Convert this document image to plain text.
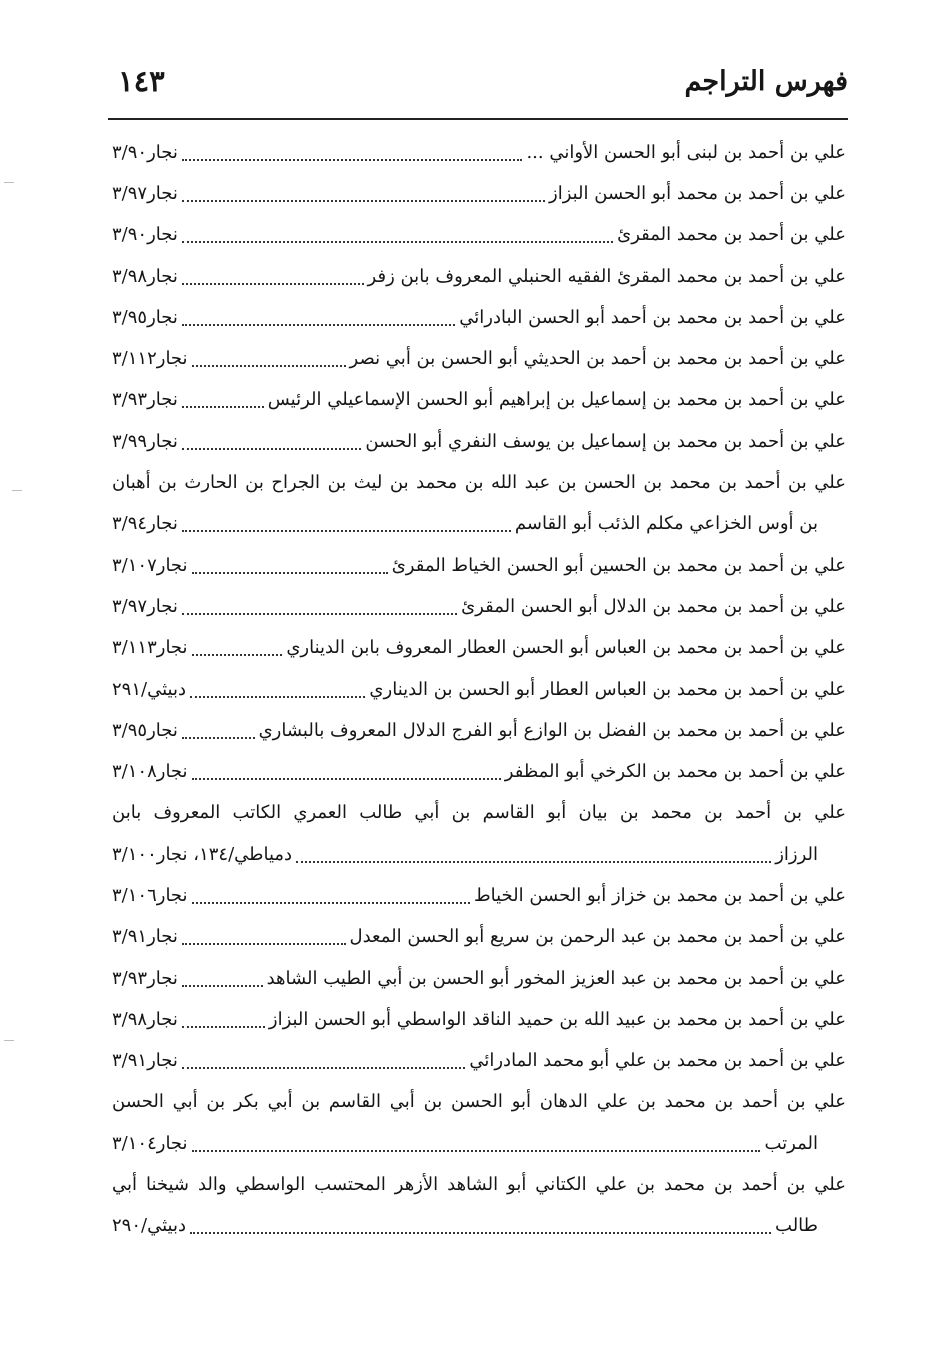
فهرس التراجم
١٤٣
علي بن أحمد بن لبنى أبو الحسن الأواني ...
نجار٣/٩٠
علي بن أحمد بن محمد أبو الحسن البزاز
نجار٣/٩٧
علي بن أحمد بن محمد المقرئ
نجار٣/٩٠
علي بن أحمد بن محمد المقرئ الفقيه الحنبلي المعروف بابن زفر
نجار٣/٩٨
علي بن أحمد بن محمد بن أحمد أبو الحسن البادرائي
نجار٣/٩٥
علي بن أحمد بن محمد بن أحمد بن الحديثي أبو الحسن بن أبي نصر
نجار٣/١١٢
علي بن أحمد بن محمد بن إسماعيل بن إبراهيم أبو الحسن الإسماعيلي الرئيس
نجار٣/٩٣
علي بن أحمد بن محمد بن إسماعيل بن يوسف النفري أبو الحسن
نجار٣/٩٩
علي بن أحمد بن محمد بن الحسن بن عبد الله بن محمد بن ليث بن الجراح بن الحارث بن أهبان
بن أوس الخزاعي مكلم الذئب أبو القاسم
نجار٣/٩٤
علي بن أحمد بن محمد بن الحسين أبو الحسن الخياط المقرئ
نجار٣/١٠٧
علي بن أحمد بن محمد بن الدلال أبو الحسن المقرئ
نجار٣/٩٧
علي بن أحمد بن محمد بن العباس أبو الحسن العطار المعروف بابن الديناري
نجار٣/١١٣
علي بن أحمد بن محمد بن العباس العطار أبو الحسن بن الديناري
دبيثي/٢٩١
علي بن أحمد بن محمد بن الفضل بن الوازع أبو الفرج الدلال المعروف بالبشاري
نجار٣/٩٥
علي بن أحمد بن محمد بن الكرخي أبو المظفر
نجار٣/١٠٨
علي بن أحمد بن محمد بن بيان أبو القاسم بن أبي طالب العمري الكاتب المعروف بابن
الرزاز
دمياطي/١٣٤، نجار٣/١٠٠
علي بن أحمد بن محمد بن خزاز أبو الحسن الخياط
نجار٣/١٠٦
علي بن أحمد بن محمد بن عبد الرحمن بن سريع أبو الحسن المعدل
نجار٣/٩١
علي بن أحمد بن محمد بن عبد العزيز المخور أبو الحسن بن أبي الطيب الشاهد
نجار٣/٩٣
علي بن أحمد بن محمد بن عبيد الله بن حميد الناقد الواسطي أبو الحسن البزاز
نجار٣/٩٨
علي بن أحمد بن محمد بن علي أبو محمد المادرائي
نجار٣/٩١
علي بن أحمد بن محمد بن علي الدهان أبو الحسن بن أبي القاسم بن أبي بكر بن أبي الحسن
المرتب
نجار٣/١٠٤
علي بن أحمد بن محمد بن علي الكتاني أبو الشاهد الأزهر المحتسب الواسطي والد شيخنا أبي
طالب
دبيثي/٢٩٠
